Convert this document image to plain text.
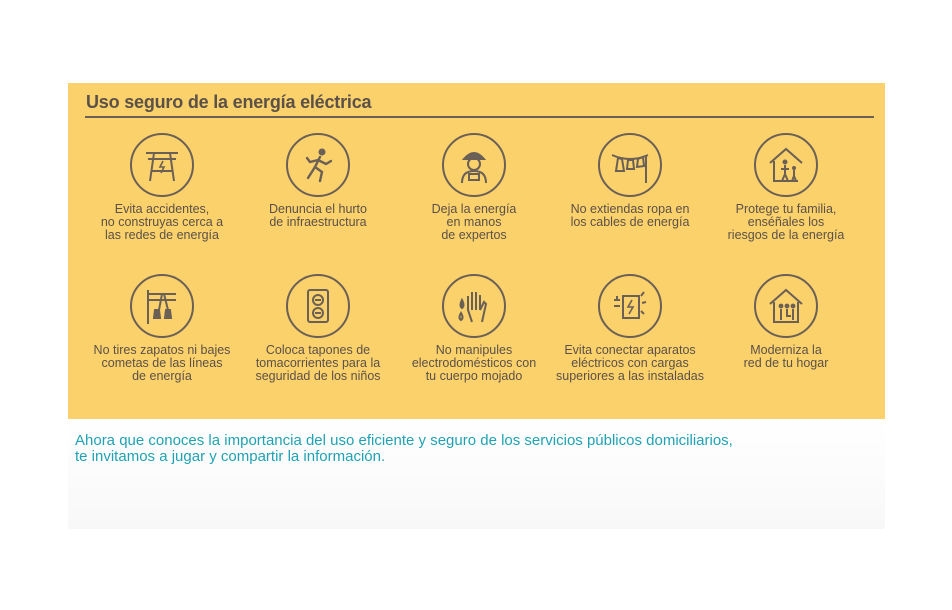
Uso seguro de la energía eléctrica
Evita accidentes,
no construyas cerca a
las redes de energía
Denuncia el hurto
de infraestructura
Deja la energía
en manos
de expertos
No extiendas ropa en
los cables de energía
Protege tu familia,
enséñales los
riesgos de la energía
No tires zapatos ni bajes
cometas de las líneas
de energía
Coloca tapones de
tomacorrientes para la
seguridad de los niños
No manipules
electrodomésticos con
tu cuerpo mojado
Evita conectar aparatos
eléctricos con cargas
superiores a las instaladas
Moderniza la
red de tu hogar
Ahora que conoces la importancia del uso eficiente y seguro de los servicios públicos domiciliarios,
te invitamos a jugar y compartir la información.
